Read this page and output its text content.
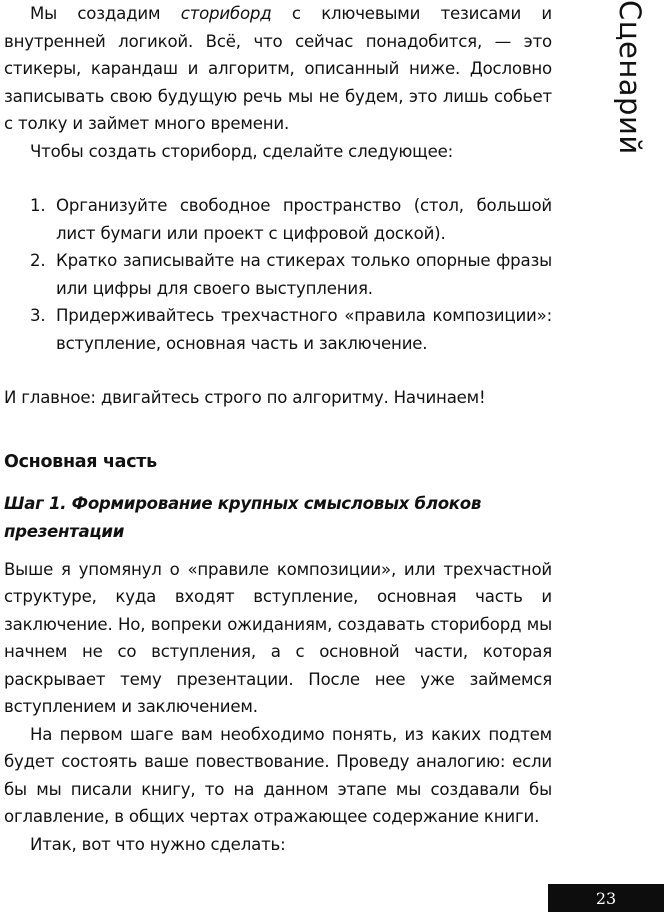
Мы создадим сториборд с ключевыми тезисами и внутренней логикой. Всё, что сейчас понадобится, — это стикеры, карандаш и алгоритм, описанный ниже. Дословно записывать свою будущую речь мы не будем, это лишь собьет с толку и займет много времени.

Чтобы создать сториборд, сделайте следующее:

1. Организуйте свободное пространство (стол, большой лист бумаги или проект с цифровой доской).
2. Кратко записывайте на стикерах только опорные фразы или цифры для своего выступления.
3. Придерживайтесь трехчастного «правила композиции»: вступление, основная часть и заключение.

И главное: двигайтесь строго по алгоритму. Начинаем!

Основная часть
Шаг 1. Формирование крупных смысловых блоков презентации

Выше я упомянул о «правиле композиции», или трехчастной структуре, куда входят вступление, основная часть и заключение. Но, вопреки ожиданиям, создавать сториборд мы начнем не со вступления, а с основной части, которая раскрывает тему презентации. После нее уже займемся вступлением и заключением.

На первом шаге вам необходимо понять, из каких подтем будет состоять ваше повествование. Проведу аналогию: если бы мы писали книгу, то на данном этапе мы создавали бы оглавление, в общих чертах отражающее содержание книги.

Итак, вот что нужно сделать:

Сценарий
23
